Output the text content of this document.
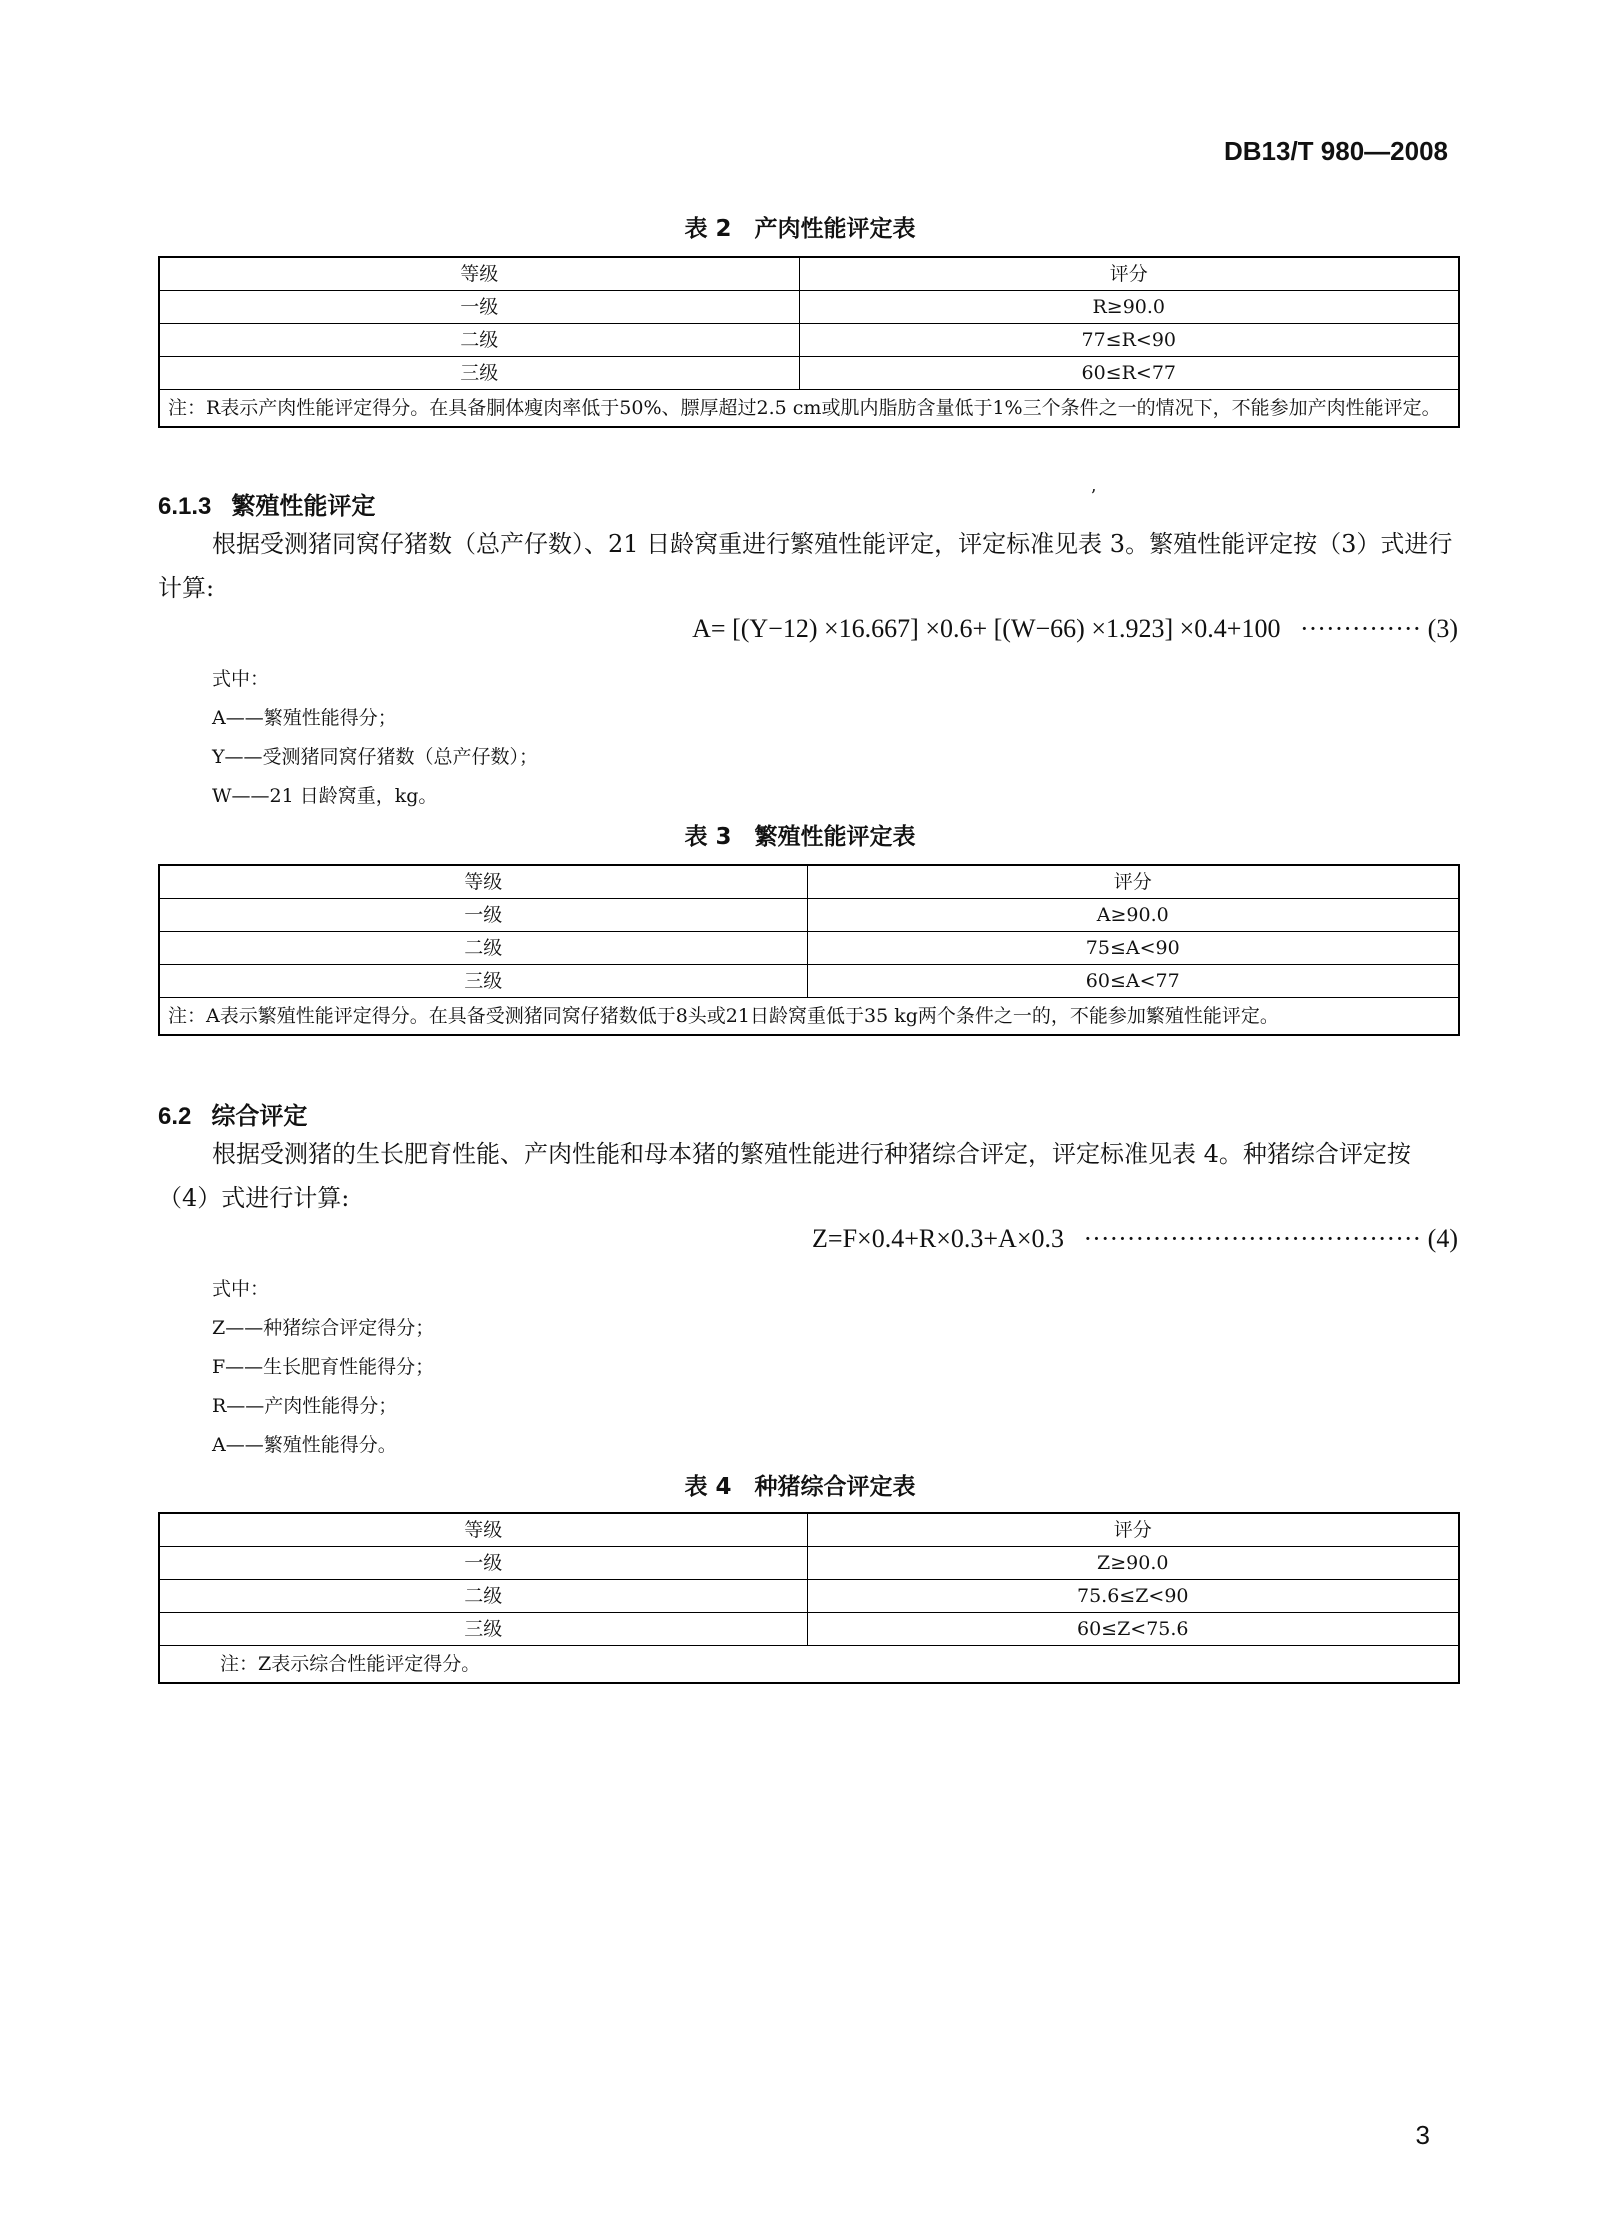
DB13/T 980—2008
表 2　产肉性能评定表
等级	评分
一级	R≥90.0
二级	77≤R<90
三级	60≤R<77
注：R表示产肉性能评定得分。在具备胴体瘦肉率低于50%、膘厚超过2.5 cm或肌内脂肪含量低于1%三个条件之一的情况下，不能参加产肉性能评定。	
6.1.3 繁殖性能评定	ʼ
根据受测猪同窝仔猪数（总产仔数）、21 日龄窝重进行繁殖性能评定，评定标准见表 3。繁殖性能评定按（3）式进行计算:
A= [(Y−12) ×16.667] ×0.6+ [(W−66) ×1.923] ×0.4+100 ·············· (3)
式中：
A——繁殖性能得分；
Y——受测猪同窝仔猪数（总产仔数）；
W——21 日龄窝重，kg。
表 3　繁殖性能评定表
等级	评分
一级	A≥90.0
二级	75≤A<90
三级	60≤A<77
注：A表示繁殖性能评定得分。在具备受测猪同窝仔猪数低于8头或21日龄窝重低于35 kg两个条件之一的，不能参加繁殖性能评定。	
6.2 综合评定
根据受测猪的生长肥育性能、产肉性能和母本猪的繁殖性能进行种猪综合评定，评定标准见表 4。种猪综合评定按（4）式进行计算:
Z=F×0.4+R×0.3+A×0.3 ······································· (4)
式中：
Z——种猪综合评定得分；
F——生长肥育性能得分；
R——产肉性能得分；
A——繁殖性能得分。
表 4　种猪综合评定表
等级	评分
一级	Z≥90.0
二级	75.6≤Z<90
三级	60≤Z<75.6
注：Z表示综合性能评定得分。	
3
